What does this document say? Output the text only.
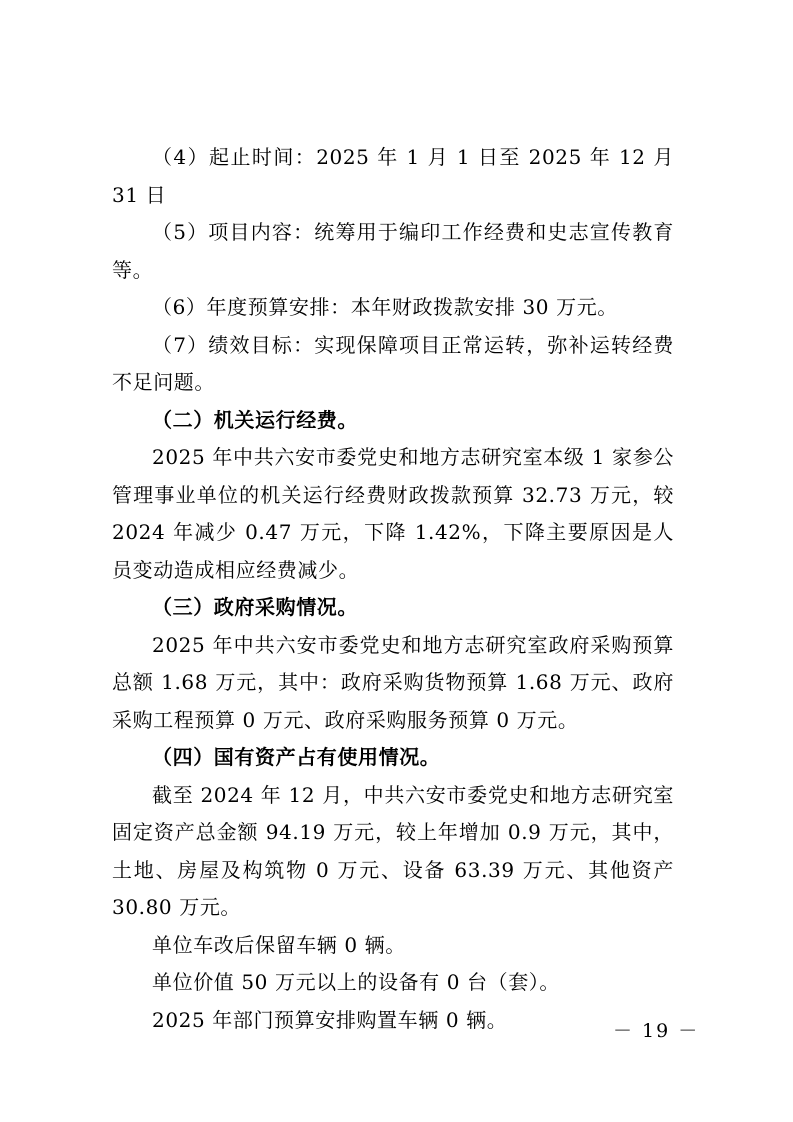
（4）起止时间：2025 年 1 月 1 日至 2025 年 12 月 31 日

（5）项目内容：统筹用于编印工作经费和史志宣传教育等。

（6）年度预算安排：本年财政拨款安排 30 万元。

（7）绩效目标：实现保障项目正常运转，弥补运转经费不足问题。

（二）机关运行经费。

2025 年中共六安市委党史和地方志研究室本级 1 家参公管理事业单位的机关运行经费财政拨款预算 32.73 万元，较 2024 年减少 0.47 万元，下降 1.42%，下降主要原因是人员变动造成相应经费减少。

（三）政府采购情况。

2025 年中共六安市委党史和地方志研究室政府采购预算总额 1.68 万元，其中：政府采购货物预算 1.68 万元、政府采购工程预算 0 万元、政府采购服务预算 0 万元。

（四）国有资产占有使用情况。

截至 2024 年 12 月，中共六安市委党史和地方志研究室固定资产总金额 94.19 万元，较上年增加 0.9 万元，其中，土地、房屋及构筑物 0 万元、设备 63.39 万元、其他资产 30.80 万元。

单位车改后保留车辆 0 辆。

单位价值 50 万元以上的设备有 0 台（套）。

2025 年部门预算安排购置车辆 0 辆。	－ 19 －
